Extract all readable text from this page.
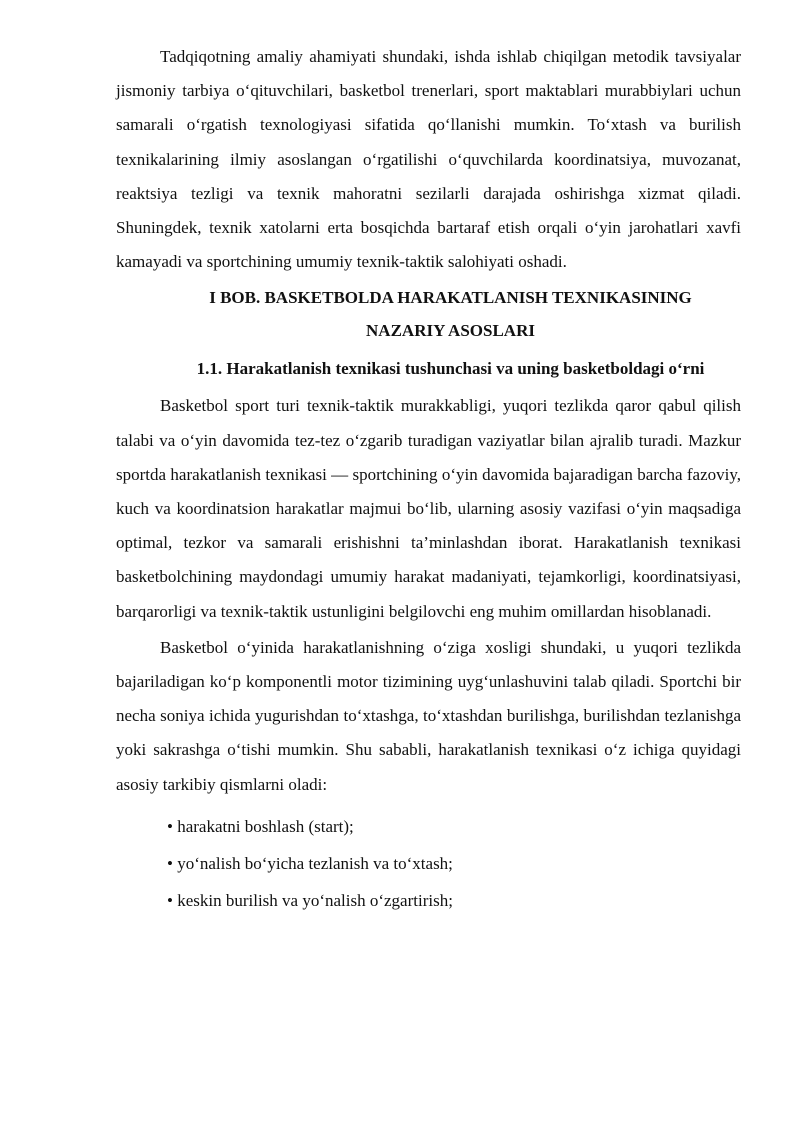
Tadqiqotning amaliy ahamiyati shundaki, ishda ishlab chiqilgan metodik tavsiyalar jismoniy tarbiya o‘qituvchilari, basketbol trenerlari, sport maktablari murabbiylari uchun samarali o‘rgatish texnologiyasi sifatida qo‘llanishi mumkin. To‘xtash va burilish texnikalarining ilmiy asoslangan o‘rgatilishi o‘quvchilarda koordinatsiya, muvozanat, reaktsiya tezligi va texnik mahoratni sezilarli darajada oshirishga xizmat qiladi. Shuningdek, texnik xatolarni erta bosqichda bartaraf etish orqali o‘yin jarohatlari xavfi kamayadi va sportchining umumiy texnik-taktik salohiyati oshadi.

I BOB. BASKETBOLDA HARAKATLANISH TEXNIKASINING

NAZARIY ASOSLARI

1.1. Harakatlanish texnikasi tushunchasi va uning basketboldagi o‘rni

Basketbol sport turi texnik-taktik murakkabligi, yuqori tezlikda qaror qabul qilish talabi va o‘yin davomida tez-tez o‘zgarib turadigan vaziyatlar bilan ajralib turadi. Mazkur sportda harakatlanish texnikasi — sportchining o‘yin davomida bajaradigan barcha fazoviy, kuch va koordinatsion harakatlar majmui bo‘lib, ularning asosiy vazifasi o‘yin maqsadiga optimal, tezkor va samarali erishishni ta’minlashdan iborat. Harakatlanish texnikasi basketbolchining maydondagi umumiy harakat madaniyati, tejamkorligi, koordinatsiyasi, barqarorligi va texnik-taktik ustunligini belgilovchi eng muhim omillardan hisoblanadi.

Basketbol o‘yinida harakatlanishning o‘ziga xosligi shundaki, u yuqori tezlikda bajariladigan ko‘p komponentli motor tizimining uyg‘unlashuvini talab qiladi. Sportchi bir necha soniya ichida yugurishdan to‘xtashga, to‘xtashdan burilishga, burilishdan tezlanishga yoki sakrashga o‘tishi mumkin. Shu sababli, harakatlanish texnikasi o‘z ichiga quyidagi asosiy tarkibiy qismlarni oladi:

• harakatni boshlash (start);

• yo‘nalish bo‘yicha tezlanish va to‘xtash;

• keskin burilish va yo‘nalish o‘zgartirish;
